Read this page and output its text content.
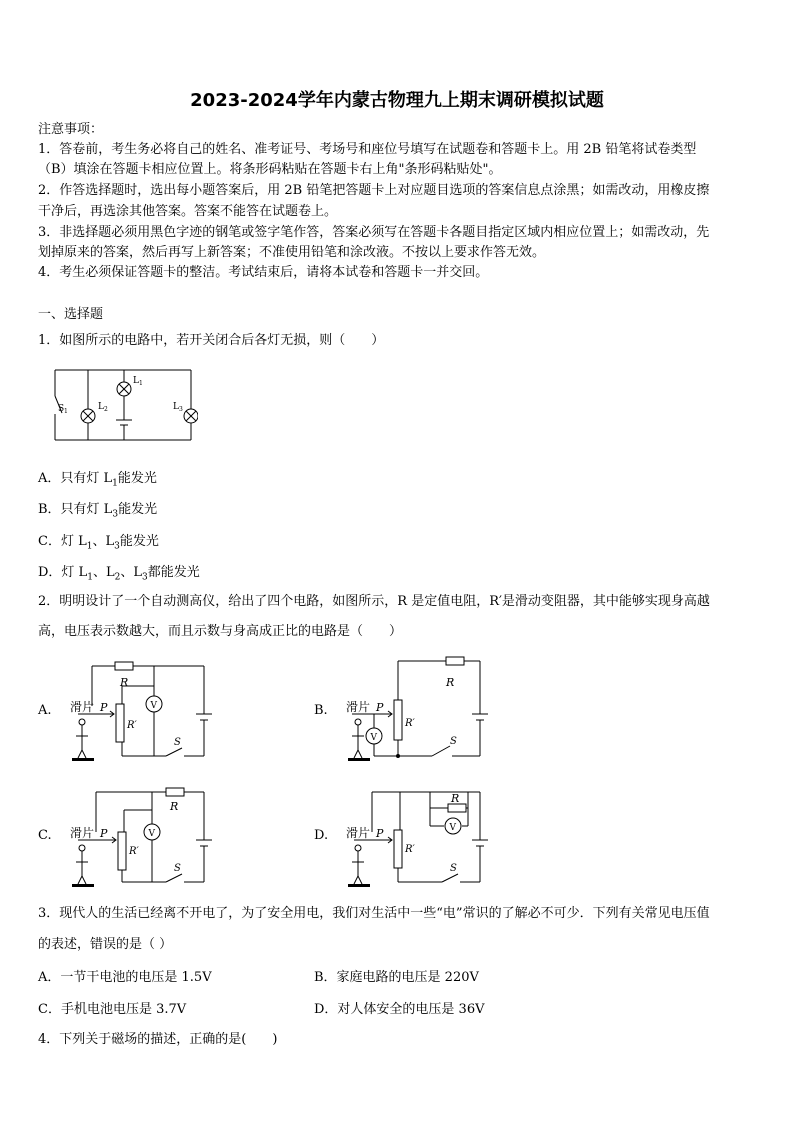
2023-2024学年内蒙古物理九上期末调研模拟试题
注意事项：
1．答卷前，考生务必将自己的姓名、准考证号、考场号和座位号填写在试题卷和答题卡上。用 2B 铅笔将试卷类型
（B）填涂在答题卡相应位置上。将条形码粘贴在答题卡右上角"条形码粘贴处"。
2．作答选择题时，选出每小题答案后，用 2B 铅笔把答题卡上对应题目选项的答案信息点涂黑；如需改动，用橡皮擦
干净后，再选涂其他答案。答案不能答在试题卷上。
3．非选择题必须用黑色字迹的钢笔或签字笔作答，答案必须写在答题卡各题目指定区域内相应位置上；如需改动，先
划掉原来的答案，然后再写上新答案；不准使用铅笔和涂改液。不按以上要求作答无效。
4．考生必须保证答题卡的整洁。考试结束后，请将本试卷和答题卡一并交回。
一、选择题
1．如图所示的电路中，若开关闭合后各灯无损，则（　　）
S 1	L 2
L 1
L 3
A．只有灯 $L_1$能发光
B．只有灯 $L_3$能发光
C．灯 $L_1$、$L_3$能发光
D．灯 $L_1$、$L_2$、$L_3$都能发光
2．明明设计了一个自动测高仪，给出了四个电路，如图所示，R 是定值电阻，R′是滑动变阻器，其中能够实现身高越
高，电压表示数越大，而且示数与身高成正比的电路是（　　）
A.	B.
C.	D.
滑片 P
R
R′
V
S
滑片 P
R
R′
V	S
滑片 P
R
R′
V
S
滑片 P
R
R′
V
S
3．现代人的生活已经离不开电了，为了安全用电，我们对生活中一些“电”常识的了解必不可少．下列有关常见电压值
的表述，错误的是（ ）
A．一节干电池的电压是 1.5V	B．家庭电路的电压是 220V
C．手机电池电压是 3.7V	D．对人体安全的电压是 36V
4．下列关于磁场的描述，正确的是(　　)
